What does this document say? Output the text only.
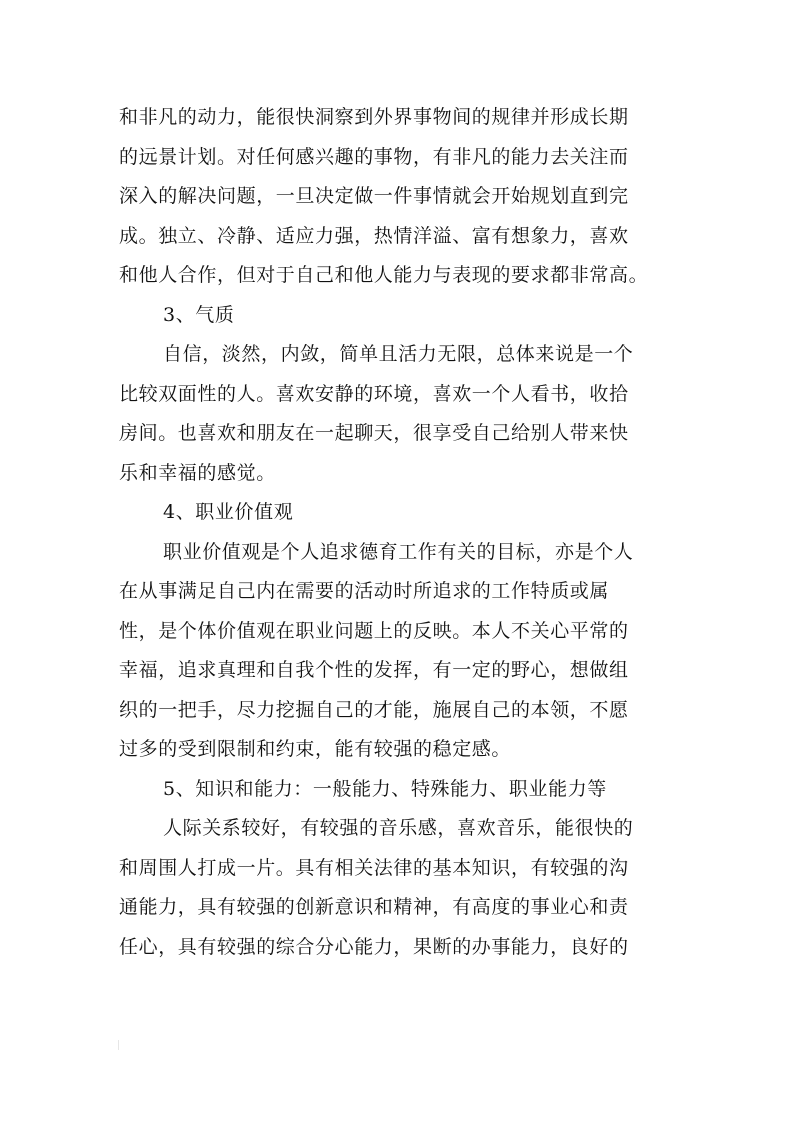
和非凡的动力，能很快洞察到外界事物间的规律并形成长期
的远景计划。对任何感兴趣的事物，有非凡的能力去关注而
深入的解决问题，一旦决定做一件事情就会开始规划直到完
成。独立、冷静、适应力强，热情洋溢、富有想象力，喜欢
和他人合作，但对于自己和他人能力与表现的要求都非常高。
3、气质
自信，淡然，内敛，简单且活力无限，总体来说是一个
比较双面性的人。喜欢安静的环境，喜欢一个人看书，收拾
房间。也喜欢和朋友在一起聊天，很享受自己给别人带来快
乐和幸福的感觉。
4、职业价值观
职业价值观是个人追求德育工作有关的目标，亦是个人
在从事满足自己内在需要的活动时所追求的工作特质或属
性，是个体价值观在职业问题上的反映。本人不关心平常的
幸福，追求真理和自我个性的发挥，有一定的野心，想做组
织的一把手，尽力挖掘自己的才能，施展自己的本领，不愿
过多的受到限制和约束，能有较强的稳定感。
5、知识和能力：一般能力、特殊能力、职业能力等
人际关系较好，有较强的音乐感，喜欢音乐，能很快的
和周围人打成一片。具有相关法律的基本知识，有较强的沟
通能力，具有较强的创新意识和精神，有高度的事业心和责
任心，具有较强的综合分心能力，果断的办事能力，良好的
